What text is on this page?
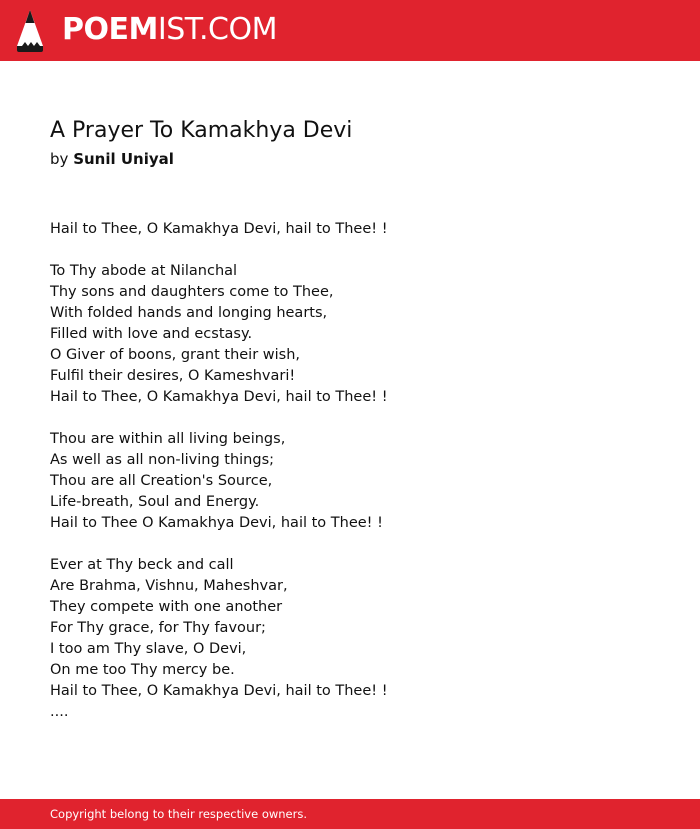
POEMIST.COM
A Prayer To Kamakhya Devi
by Sunil Uniyal
Hail to Thee, O Kamakhya Devi, hail to Thee! !
To Thy abode at Nilanchal
Thy sons and daughters come to Thee,
With folded hands and longing hearts,
Filled with love and ecstasy.
O Giver of boons, grant their wish,
Fulfil their desires, O Kameshvari!
Hail to Thee, O Kamakhya Devi, hail to Thee! !
Thou are within all living beings,
As well as all non-living things;
Thou are all Creation's Source,
Life-breath, Soul and Energy.
Hail to Thee O Kamakhya Devi, hail to Thee! !
Ever at Thy beck and call
Are Brahma, Vishnu, Maheshvar,
They compete with one another
For Thy grace, for Thy favour;
I too am Thy slave, O Devi,
On me too Thy mercy be.
Hail to Thee, O Kamakhya Devi, hail to Thee! !
....
Copyright belong to their respective owners.
